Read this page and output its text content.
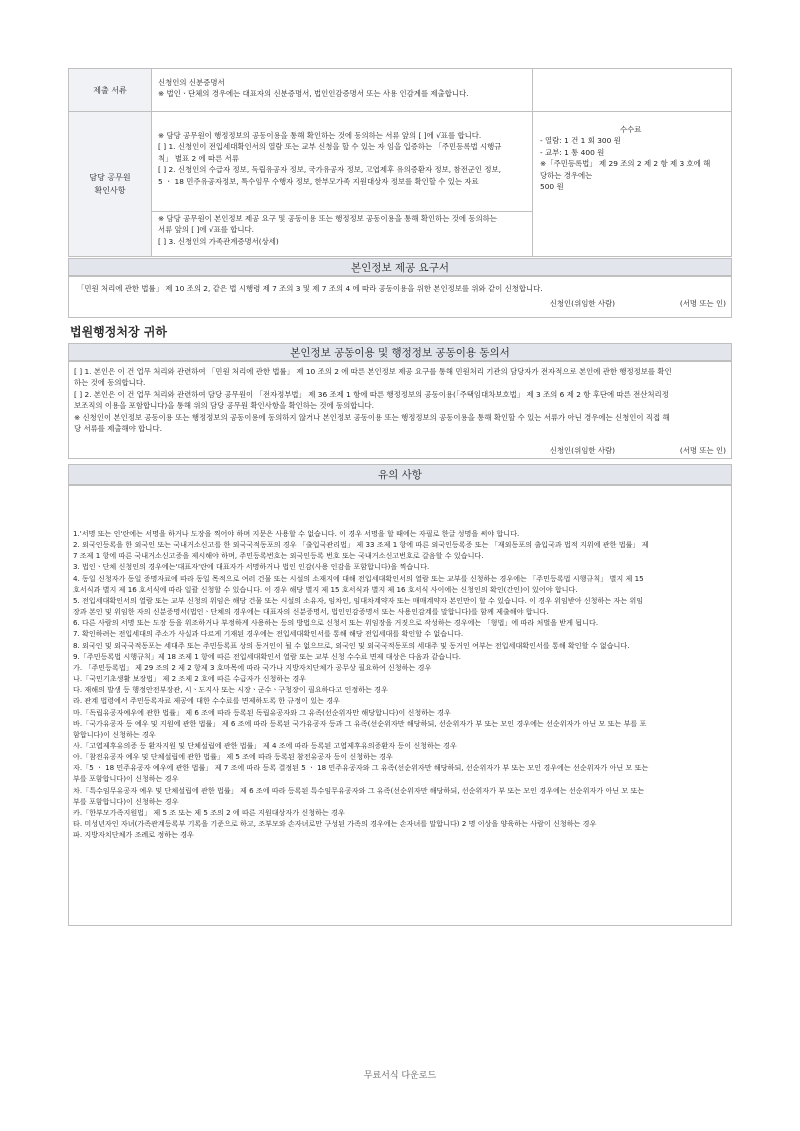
제출 서류
신청인의 신분증명서
※ 법인ㆍ단체의 경우에는 대표자의 신분증명서, 법인인감증명서 또는 사용 인감계를 제출합니다.
담당 공무원
확인사항
※ 담당 공무원이 행정정보의 공동이용을 통해 확인하는 것에 동의하는 서류 앞의 [ ]에 √표를 합니다.
[ ] 1. 신청인이 전입세대확인서의 열람 또는 교부 신청을 할 수 있는 자 임을 입증하는 「주민등록법 시행규
칙」 별표 2 에 따른 서류
[ ] 2. 신청인의 수급자 정보, 독립유공자 정보, 국가유공자 정보, 고엽제후 유의증환자 정보, 참전군인 정보,
5 ㆍ 18 민주유공자정보, 특수임무 수행자 정보, 한부모가족 지원대상자 정보를 확인할 수 있는 자료
※ 담당 공무원이 본인정보 제공 요구 및 공동이용 또는 행정정보 공동이용을 통해 확인하는 것에 동의하는
서류 앞의 [ ]에 √표를 합니다.
[ ] 3. 신청인의 가족관계증명서(상세)
수수료
- 열람: 1 건 1 회 300 원
- 교부: 1 통 400 원
※「주민등록법」 제 29 조의 2 제 2 항 제 3 호에 해
당하는 경우에는
500 원
본인정보 제공 요구서
「민원 처리에 관한 법률」 제 10 조의 2, 같은 법 시행령 제 7 조의 3 및 제 7 조의 4 에 따라 공동이용을 위한 본인정보를 위와 같이 신청합니다.
신청인(위임한 사람)	(서명 또는 인)
법원행정처장 귀하
본인정보 공동이용 및 행정정보 공동이용 동의서
[ ] 1. 본인은 이 건 업무 처리와 관련하여 「민원 처리에 관한 법률」 제 10 조의 2 에 따른 본인정보 제공 요구를 통해 민원처리 기관의 담당자가 전자적으로 본인에 관한 행정정보를 확인
하는 것에 동의합니다.
[ ] 2. 본인은 이 건 업무 처리와 관련하여 담당 공무원이 「전자정부법」 제 36 조제 1 항에 따른 행정정보의 공동이용(「주택임대차보호법」 제 3 조의 6 제 2 항 후단에 따른 전산처리정
보조직의 이용을 포함합니다)을 통해 위의 담당 공무원 확인사항을 확인하는 것에 동의합니다.
※ 신청인이 본인정보 공동이용 또는 행정정보의 공동이용에 동의하지 않거나 본인정보 공동이용 또는 행정정보의 공동이용을 통해 확인할 수 있는 서류가 아닌 경우에는 신청인이 직접 해
당 서류를 제출해야 합니다.
신청인(위임한 사람)	(서명 또는 인)
유의 사항
1.'서명 또는 인'란에는 서명을 하거나 도장을 찍어야 하며 지문은 사용할 수 없습니다. 이 경우 서명을 할 때에는 자필로 한글 성명을 써야 합니다.
2. 외국인등록을 한 외국인 또는 국내거소신고를 한 외국국적동포의 경우 「출입국관리법」 제 33 조제 1 항에 따른 외국인등록증 또는 「재외동포의 출입국과 법적 지위에 관한 법률」 제
7 조제 1 항에 따른 국내거소신고증을 제시해야 하며, 주민등록번호는 외국인등록 번호 또는 국내거소신고번호로 갈음할 수 있습니다.
3. 법인ㆍ단체 신청인의 경우에는'대표자'란에 대표자가 서명하거나 법인 인감(사용 인감을 포함합니다)을 찍습니다.
4. 동일 신청자가 동일 증명자료에 따라 동일 목적으로 여러 건물 또는 시설의 소재지에 대해 전입세대확인서의 열람 또는 교부를 신청하는 경우에는 「주민등록법 시행규칙」 별지 제 15
호서식과 별지 제 16 호서식에 따라 일괄 신청할 수 있습니다. 이 경우 해당 별지 제 15 호서식과 별지 제 16 호서식 사이에는 신청인의 확인(간인)이 있어야 합니다.
5. 전입세대확인서의 열람 또는 교부 신청의 위임은 해당 건물 또는 시설의 소유자, 임차인, 임대차계약자 또는 매매계약자 본인만이 할 수 있습니다. 이 경우 위임받아 신청하는 자는 위임
장과 본인 및 위임한 자의 신분증명서(법인ㆍ단체의 경우에는 대표자의 신분증명서, 법인인감증명서 또는 사용인감계를 말합니다)를 함께 제출해야 합니다.
6. 다른 사람의 서명 또는 도장 등을 위조하거나 부정하게 사용하는 등의 방법으로 신청서 또는 위임장을 거짓으로 작성하는 경우에는 「형법」에 따라 처벌을 받게 됩니다.
7. 확인하려는 전입세대의 주소가 사실과 다르게 기재된 경우에는 전입세대확인서를 통해 해당 전입세대를 확인할 수 없습니다.
8. 외국인 및 외국국적동포는 세대주 또는 주민등록표 상의 동거인이 될 수 없으므로, 외국인 및 외국국적동포의 세대주 및 동거인 여부는 전입세대확인서를 통해 확인할 수 없습니다.
9.「주민등록법 시행규칙」제 18 조제 1 항에 따른 전입세대확인서 열람 또는 교부 신청 수수료 면제 대상은 다음과 같습니다.
가. 「주민등록법」 제 29 조의 2 제 2 항제 3 호마목에 따라 국가나 지방자치단체가 공무상 필요하여 신청하는 경우
나.「국민기초생활 보장법」 제 2 조제 2 호에 따른 수급자가 신청하는 경우
다. 재해의 발생 등 행정안전부장관, 시ㆍ도지사 또는 시장ㆍ군수ㆍ구청장이 필요하다고 인정하는 경우
라. 관계 법령에서 주민등록자료 제공에 대한 수수료를 면제하도록 한 규정이 있는 경우
마.「독립유공자예우에 관한 법률」 제 6 조에 따라 등록된 독립유공자와 그 유족(선순위자만 해당합니다)이 신청하는 경우
바.「국가유공자 등 예우 및 지원에 관한 법률」 제 6 조에 따라 등록된 국가유공자 등과 그 유족(선순위자만 해당하되, 선순위자가 부 또는 모인 경우에는 선순위자가 아닌 모 또는 부를 포
함합니다)이 신청하는 경우
사.「고엽제후유의증 등 환자지원 및 단체설립에 관한 법률」 제 4 조에 따라 등록된 고엽제후유의증환자 등이 신청하는 경우
아.「참전유공자 예우 및 단체설립에 관한 법률」 제 5 조에 따라 등록된 참전유공자 등이 신청하는 경우
자.「5 ㆍ 18 민주유공자 예우에 관한 법률」 제 7 조에 따라 등록 결정된 5 ㆍ 18 민주유공자와 그 유족(선순위자만 해당하되, 선순위자가 부 또는 모인 경우에는 선순위자가 아닌 모 또는
부를 포함합니다)이 신청하는 경우
차.「특수임무유공자 예우 및 단체설립에 관한 법률」 제 6 조에 따라 등록된 특수임무유공자와 그 유족(선순위자만 해당하되, 선순위자가 부 또는 모인 경우에는 선순위자가 아닌 모 또는
부를 포함합니다)이 신청하는 경우
카.「한부모가족지원법」 제 5 조 또는 제 5 조의 2 에 따른 지원대상자가 신청하는 경우
타. 미성년자인 자녀(가족관계등록부 기록을 기준으로 하고, 조부모와 손자녀로만 구성된 가족의 경우에는 손자녀를 말합니다) 2 명 이상을 양육하는 사람이 신청하는 경우
파. 지방자치단체가 조례로 정하는 경우
무료서식 다운로드
